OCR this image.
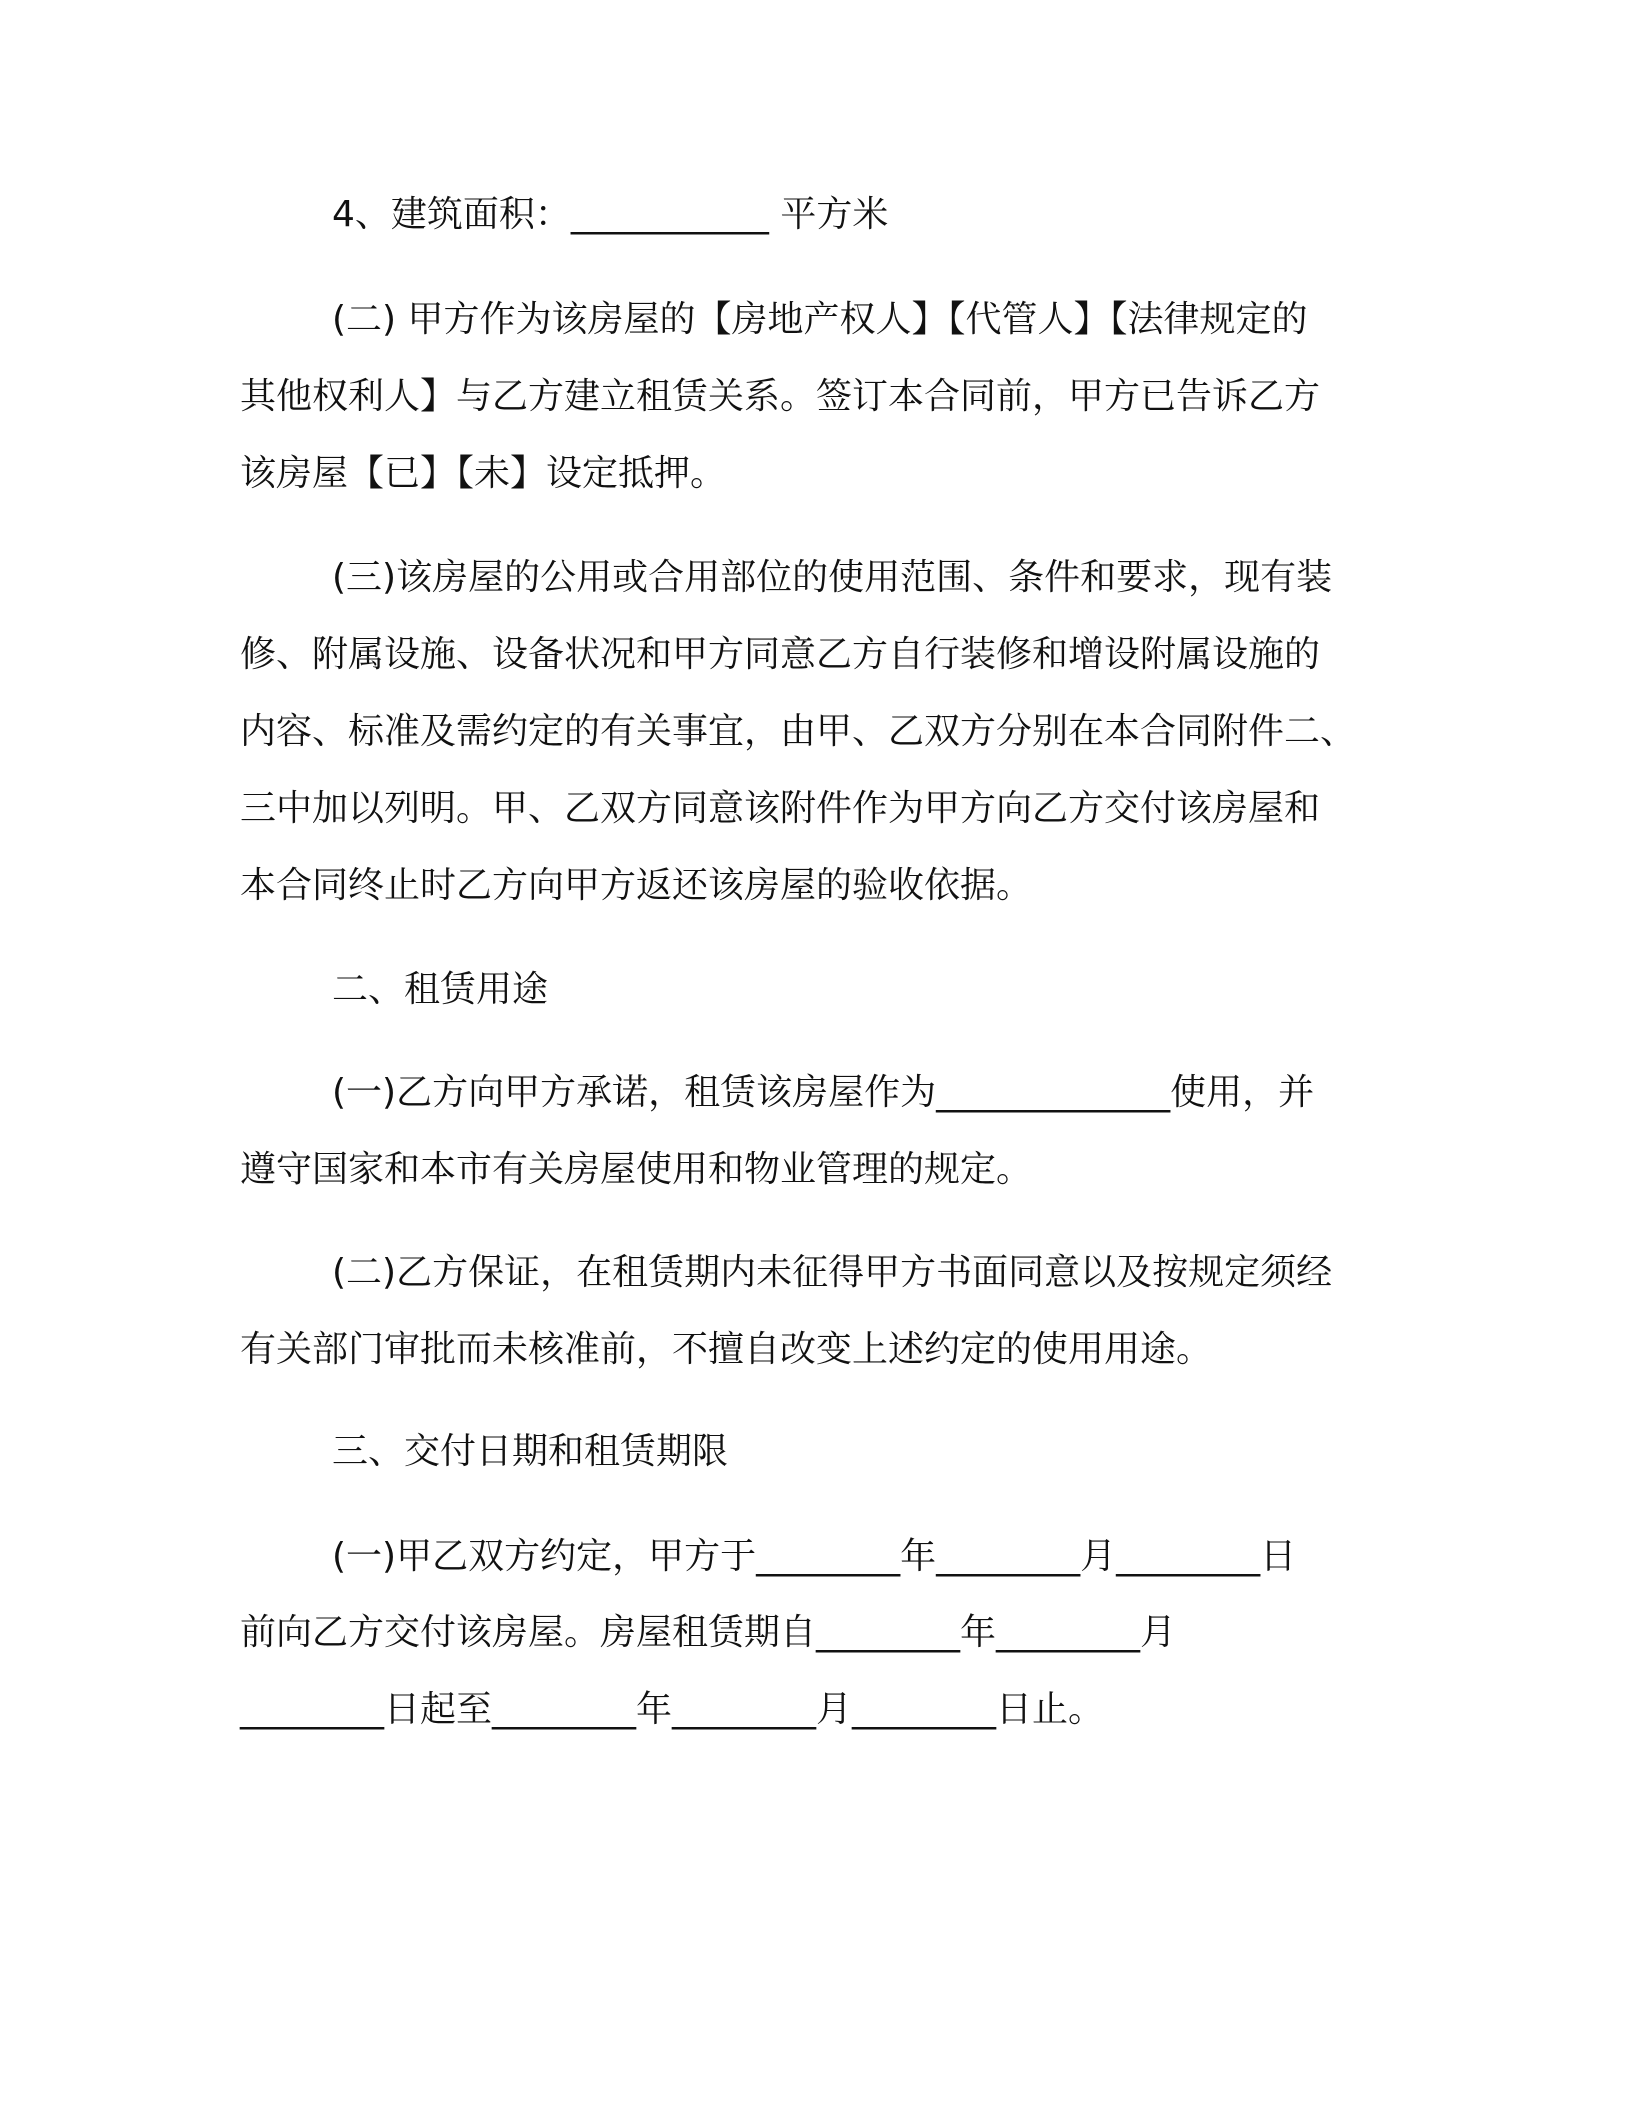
4、建筑面积：___________ 平方米
(二) 甲方作为该房屋的【房地产权人】【代管人】【法律规定的
其他权利人】与乙方建立租赁关系。签订本合同前，甲方已告诉乙方
该房屋【已】【未】设定抵押。
(三)该房屋的公用或合用部位的使用范围、条件和要求，现有装
修、附属设施、设备状况和甲方同意乙方自行装修和增设附属设施的
内容、标准及需约定的有关事宜，由甲、乙双方分别在本合同附件二、
三中加以列明。甲、乙双方同意该附件作为甲方向乙方交付该房屋和
本合同终止时乙方向甲方返还该房屋的验收依据。
二、租赁用途
(一)乙方向甲方承诺，租赁该房屋作为_____________使用，并
遵守国家和本市有关房屋使用和物业管理的规定。
(二)乙方保证，在租赁期内未征得甲方书面同意以及按规定须经
有关部门审批而未核准前，不擅自改变上述约定的使用用途。
三、交付日期和租赁期限
(一)甲乙双方约定，甲方于________年________月________日
前向乙方交付该房屋。房屋租赁期自________年________月
________日起至________年________月________日止。
